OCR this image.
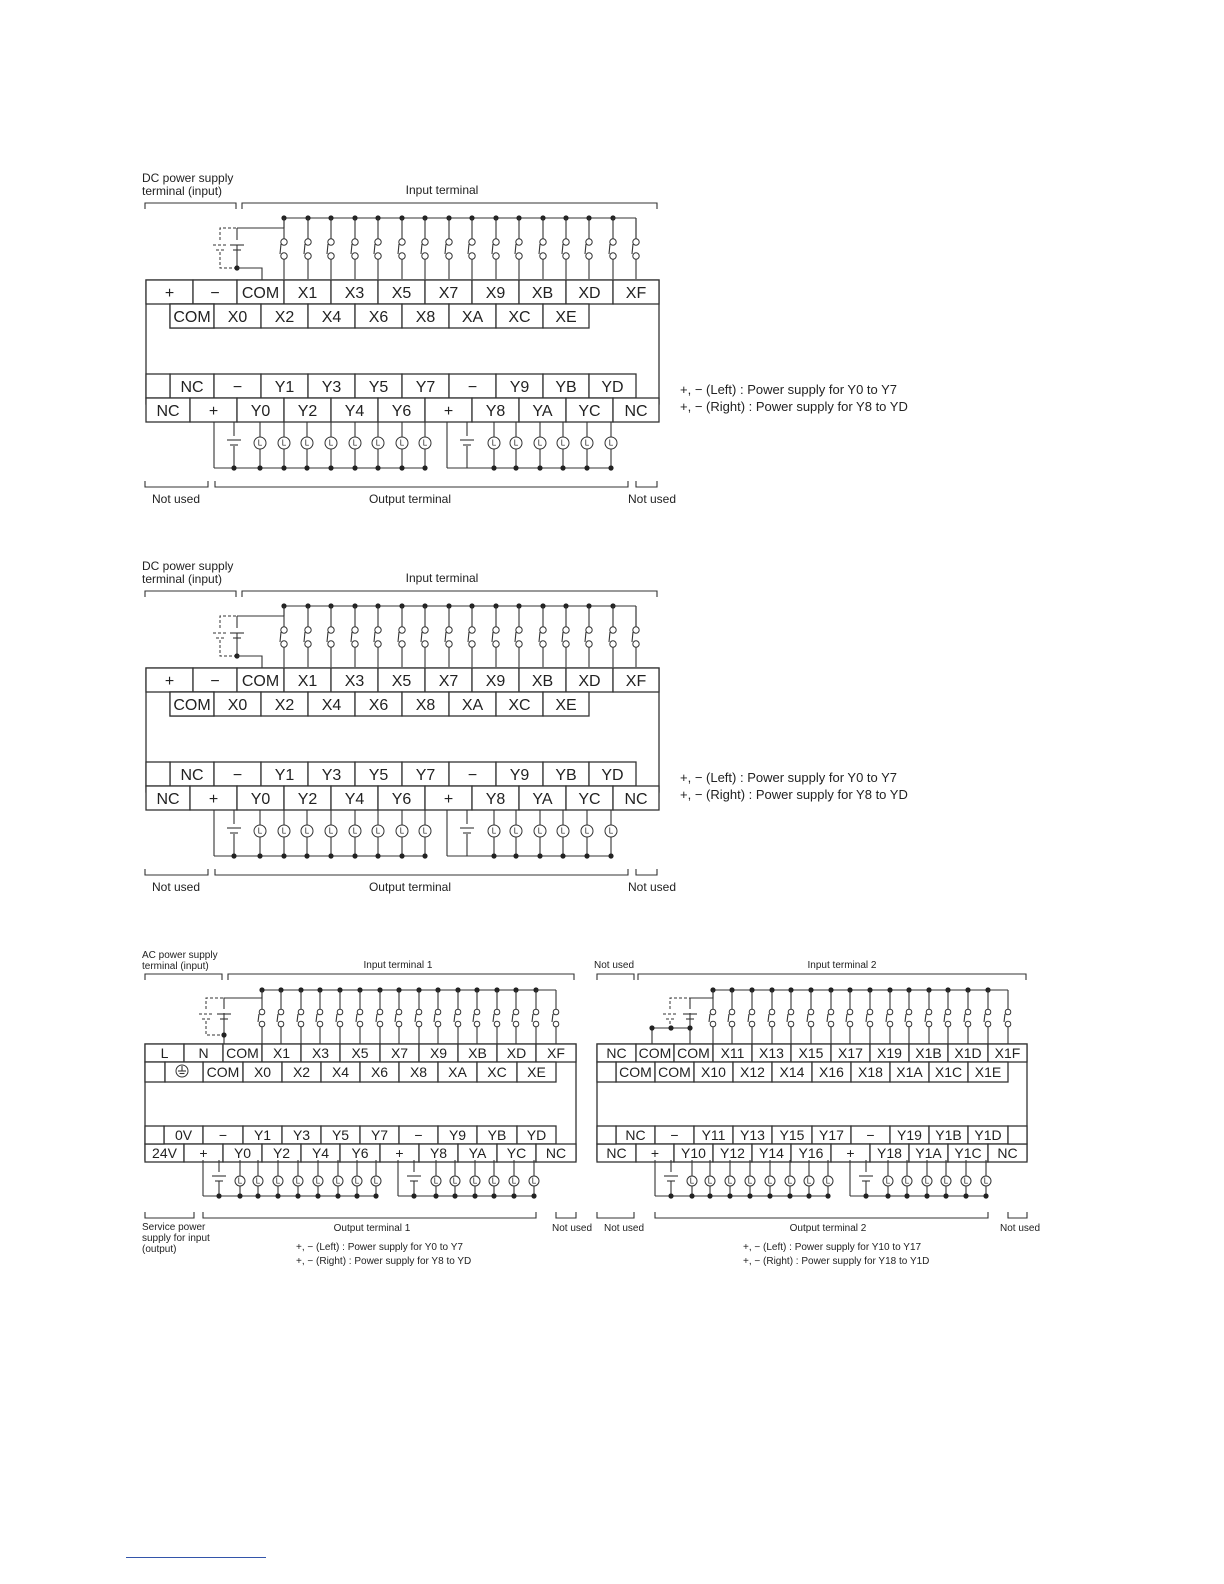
DC power supply
terminal (input)	Input terminal
+ − COM X1 X3 X5 X7 X9 XB XD XF
COM X0 X2 X4 X6 X8 XA XC XE
NC − Y1 Y3 Y5 Y7 − Y9 YB YD
NC + Y0 Y2 Y4 Y6 + Y8 YA YC NC
L L L L L L L L	L L L L L L
Not used	Output terminal	Not used
+, − (Left) : Power supply for Y0 to Y7
+, − (Right) : Power supply for Y8 to YD
DC power supply
terminal (input)	Input terminal
+ − COM X1 X3 X5 X7 X9 XB XD XF
COM X0 X2 X4 X6 X8 XA XC XE
NC − Y1 Y3 Y5 Y7 − Y9 YB YD
NC + Y0 Y2 Y4 Y6 + Y8 YA YC NC
L L L L L L L L	L L L L L L
Not used	Output terminal	Not used
+, − (Left) : Power supply for Y0 to Y7
+, − (Right) : Power supply for Y8 to YD
L N COM X1 X3 X5 X7 X9 XB XD XF
COM X0 X2 X4 X6 X8 XA XC XE
0V − Y1 Y3 Y5 Y7 − Y9 YB YD
24V + Y0 Y2 Y4 Y6 + Y8 YA YC NC
L L L L L L L L	L L L L L L
AC power supply
terminal (input)	Input terminal 1
Service power
supply for input
(output)
Output terminal 1	Not used
+, − (Left) : Power supply for Y0 to Y7
+, − (Right) : Power supply for Y8 to YD
NC COM COM X11 X13 X15 X17 X19 X1B X1D X1F
COM COM X10 X12 X14 X16 X18 X1A X1C X1E
NC − Y11 Y13 Y15 Y17 − Y19 Y1B Y1D
NC + Y10 Y12 Y14 Y16 + Y18 Y1A Y1C NC
L L L L L L L L	L L L L L L
Not used	Input terminal 2
Not used	Output terminal 2	Not used
+, − (Left) : Power supply for Y10 to Y17
+, − (Right) : Power supply for Y18 to Y1D
